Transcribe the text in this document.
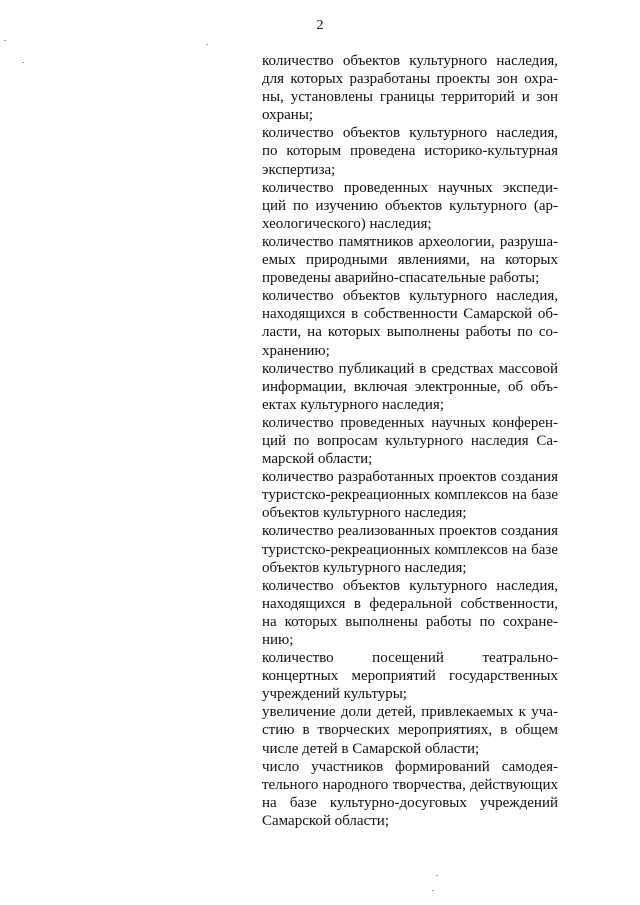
2

количество объектов культурного наследия,
для которых разработаны проекты зон охра-
ны, установлены границы территорий и зон
охраны;

количество объектов культурного наследия,
по которым проведена историко-культурная
экспертиза;

количество проведенных научных экспеди-
ций по изучению объектов культурного (ар-
хеологического) наследия;

количество памятников археологии, разруша-
емых природными явлениями, на которых
проведены аварийно-спасательные работы;

количество объектов культурного наследия,
находящихся в собственности Самарской об-
ласти, на которых выполнены работы по со-
хранению;

количество публикаций в средствах массовой
информации, включая электронные, об объ-
ектах культурного наследия;

количество проведенных научных конферен-
ций по вопросам культурного наследия Са-
марской области;

количество разработанных проектов создания
туристско-рекреационных комплексов на базе
объектов культурного наследия;

количество реализованных проектов создания
туристско-рекреационных комплексов на базе
объектов культурного наследия;

количество объектов культурного наследия,
находящихся в федеральной собственности,
на которых выполнены работы по сохране-
нию;

количество посещений театрально-
концертных мероприятий государственных
учреждений культуры;

увеличение доли детей, привлекаемых к уча-
стию в творческих мероприятиях, в общем
числе детей в Самарской области;

число участников формирований самодея-
тельного народного творчества, действующих
на базе культурно-досуговых учреждений
Самарской области;
